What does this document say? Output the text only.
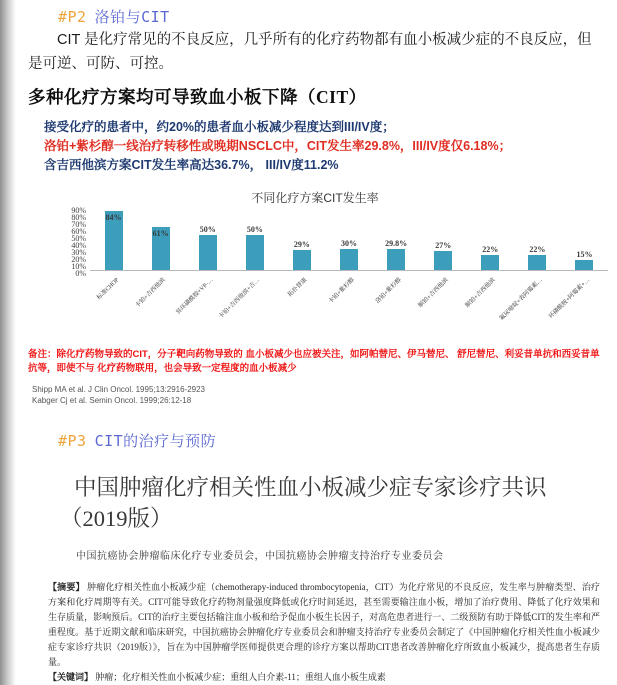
#P2 洛铂与CIT
CIT 是化疗常见的不良反应，几乎所有的化疗药物都有血小板减少症的不良反应，但是可逆、可防、可控。
多种化疗方案均可导致血小板下降（CIT）
接受化疗的患者中，约20%的患者血小板减少程度达到III/IV度；
洛铂+紫杉醇一线治疗转移性或晚期NSCLC中，CIT发生率29.8%，III/IV度仅6.18%；
含吉西他滨方案CIT发生率高达36.7%， III/IV度11.2%
不同化疗方案CIT发生率
90%
80%
70%
60%
50%
40%
30%
20%
10%
0%
84%
标准CHOP
61%
卡铂+吉西他滨
50%
异环磷酰胺+VP-…
50%
卡铂+吉西他滨+吉…
29%
拓扑替康
30%
卡铂+紫杉醇
29.8%
洛铂+紫杉醇
27%
顺铂+吉西他滨
22%
顺铂+吉西他滨
22%
氟尿嘧啶+表阿霉素…
15%
环磷酰胺+阿霉素+…
备注：除化疗药物导致的CIT，分子靶向药物导致的 血小板减少也应被关注，如阿帕替尼、伊马替尼、 舒尼替尼、利妥昔单抗和西妥昔单抗等，即使不与 化疗药物联用，也会导致一定程度的血小板减少
Shipp MA et al. J Clin Oncol. 1995;13:2916-2923
Kabger Cj et al. Semin Oncol. 1999;26:12-18
#P3 CIT的治疗与预防
中国肿瘤化疗相关性血小板减少症专家诊疗共识
（2019版）
中国抗癌协会肿瘤临床化疗专业委员会，中国抗癌协会肿瘤支持治疗专业委员会
【摘要】 肿瘤化疗相关性血小板减少症（chemotherapy-induced thrombocytopenia，CIT）为化疗常见的不良反应，发生率与肿瘤类型、治疗方案和化疗周期等有关。CIT可能导致化疗药物剂量强度降低或化疗时间延迟，甚至需要输注血小板，增加了治疗费用、降低了化疗效果和生存质量，影响预后。CIT的治疗主要包括输注血小板和给予促血小板生长因子，对高危患者进行一、二级预防有助于降低CIT的发生率和严重程度。基于近期文献和临床研究，中国抗癌协会肿瘤化疗专业委员会和肿瘤支持治疗专业委员会制定了《中国肿瘤化疗相关性血小板减少症专家诊疗共识（2019版）》，旨在为中国肿瘤学医师提供更合理的诊疗方案以帮助CIT患者改善肿瘤化疗所致血小板减少，提高患者生存质量。
【关键词】 肿瘤；化疗相关性血小板减少症；重组人白介素-11；重组人血小板生成素
